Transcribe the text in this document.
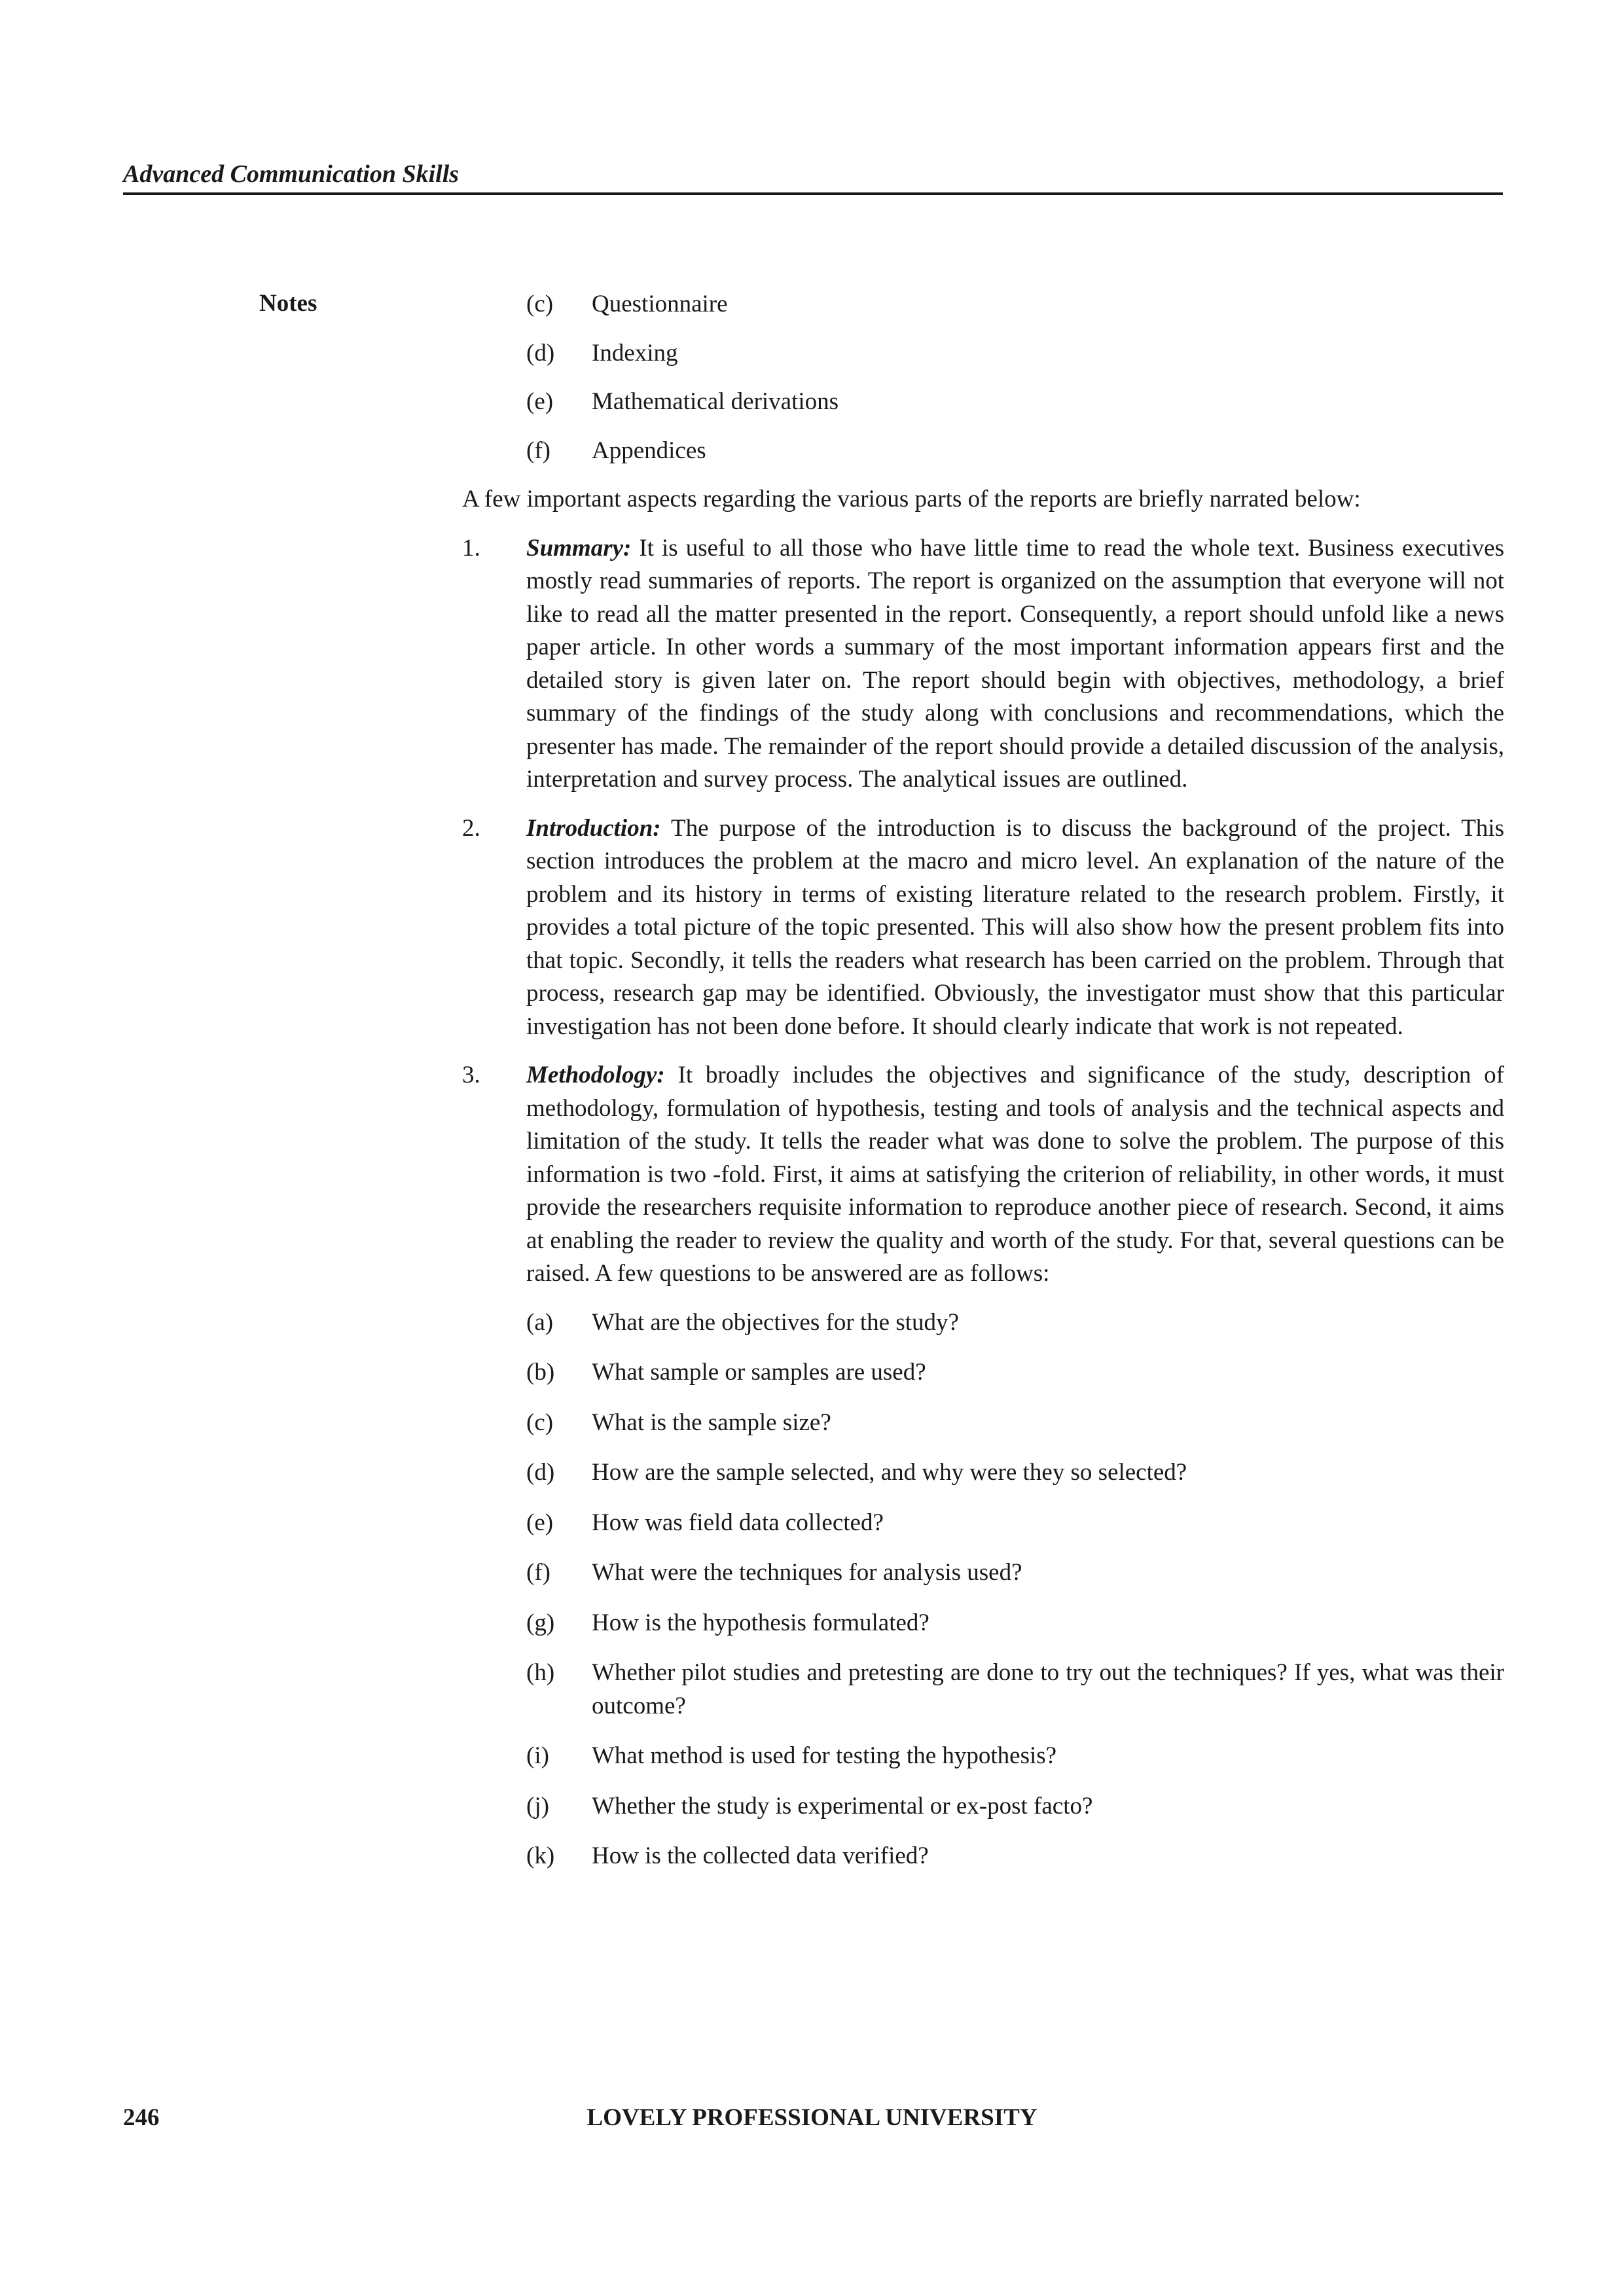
Advanced Communication Skills
Notes	(c)	Questionnaire
(d)	Indexing
(e)	Mathematical derivations
(f)	Appendices

A few important aspects regarding the various parts of the reports are briefly narrated below:

1.	Summary: It is useful to all those who have little time to read the whole text. Business executives mostly read summaries of reports. The report is organized on the assumption that everyone will not like to read all the matter presented in the report. Consequently, a report should unfold like a news paper article. In other words a summary of the most important information appears first and the detailed story is given later on. The report should begin with objectives, methodology, a brief summary of the findings of the study along with conclusions and recommendations, which the presenter has made. The remainder of the report should provide a detailed discussion of the analysis, interpretation and survey process. The analytical issues are outlined.
2.	Introduction: The purpose of the introduction is to discuss the background of the project. This section introduces the problem at the macro and micro level. An explanation of the nature of the problem and its history in terms of existing literature related to the research problem. Firstly, it provides a total picture of the topic presented. This will also show how the present problem fits into that topic. Secondly, it tells the readers what research has been carried on the problem. Through that process, research gap may be identified. Obviously, the investigator must show that this particular investigation has not been done before. It should clearly indicate that work is not repeated.
3.	Methodology: It broadly includes the objectives and significance of the study, description of methodology, formulation of hypothesis, testing and tools of analysis and the technical aspects and limitation of the study. It tells the reader what was done to solve the problem. The purpose of this information is two -fold. First, it aims at satisfying the criterion of reliability, in other words, it must provide the researchers requisite information to reproduce another piece of research. Second, it aims at enabling the reader to review the quality and worth of the study. For that, several questions can be raised. A few questions to be answered are as follows:
(a)	What are the objectives for the study?
(b)	What sample or samples are used?
(c)	What is the sample size?
(d)	How are the sample selected, and why were they so selected?
(e)	How was field data collected?
(f)	What were the techniques for analysis used?
(g)	How is the hypothesis formulated?
(h)	Whether pilot studies and pretesting are done to try out the techniques? If yes, what was their outcome?
(i)	What method is used for testing the hypothesis?
(j)	Whether the study is experimental or ex-post facto?
(k)	How is the collected data verified?
246	LOVELY PROFESSIONAL UNIVERSITY
